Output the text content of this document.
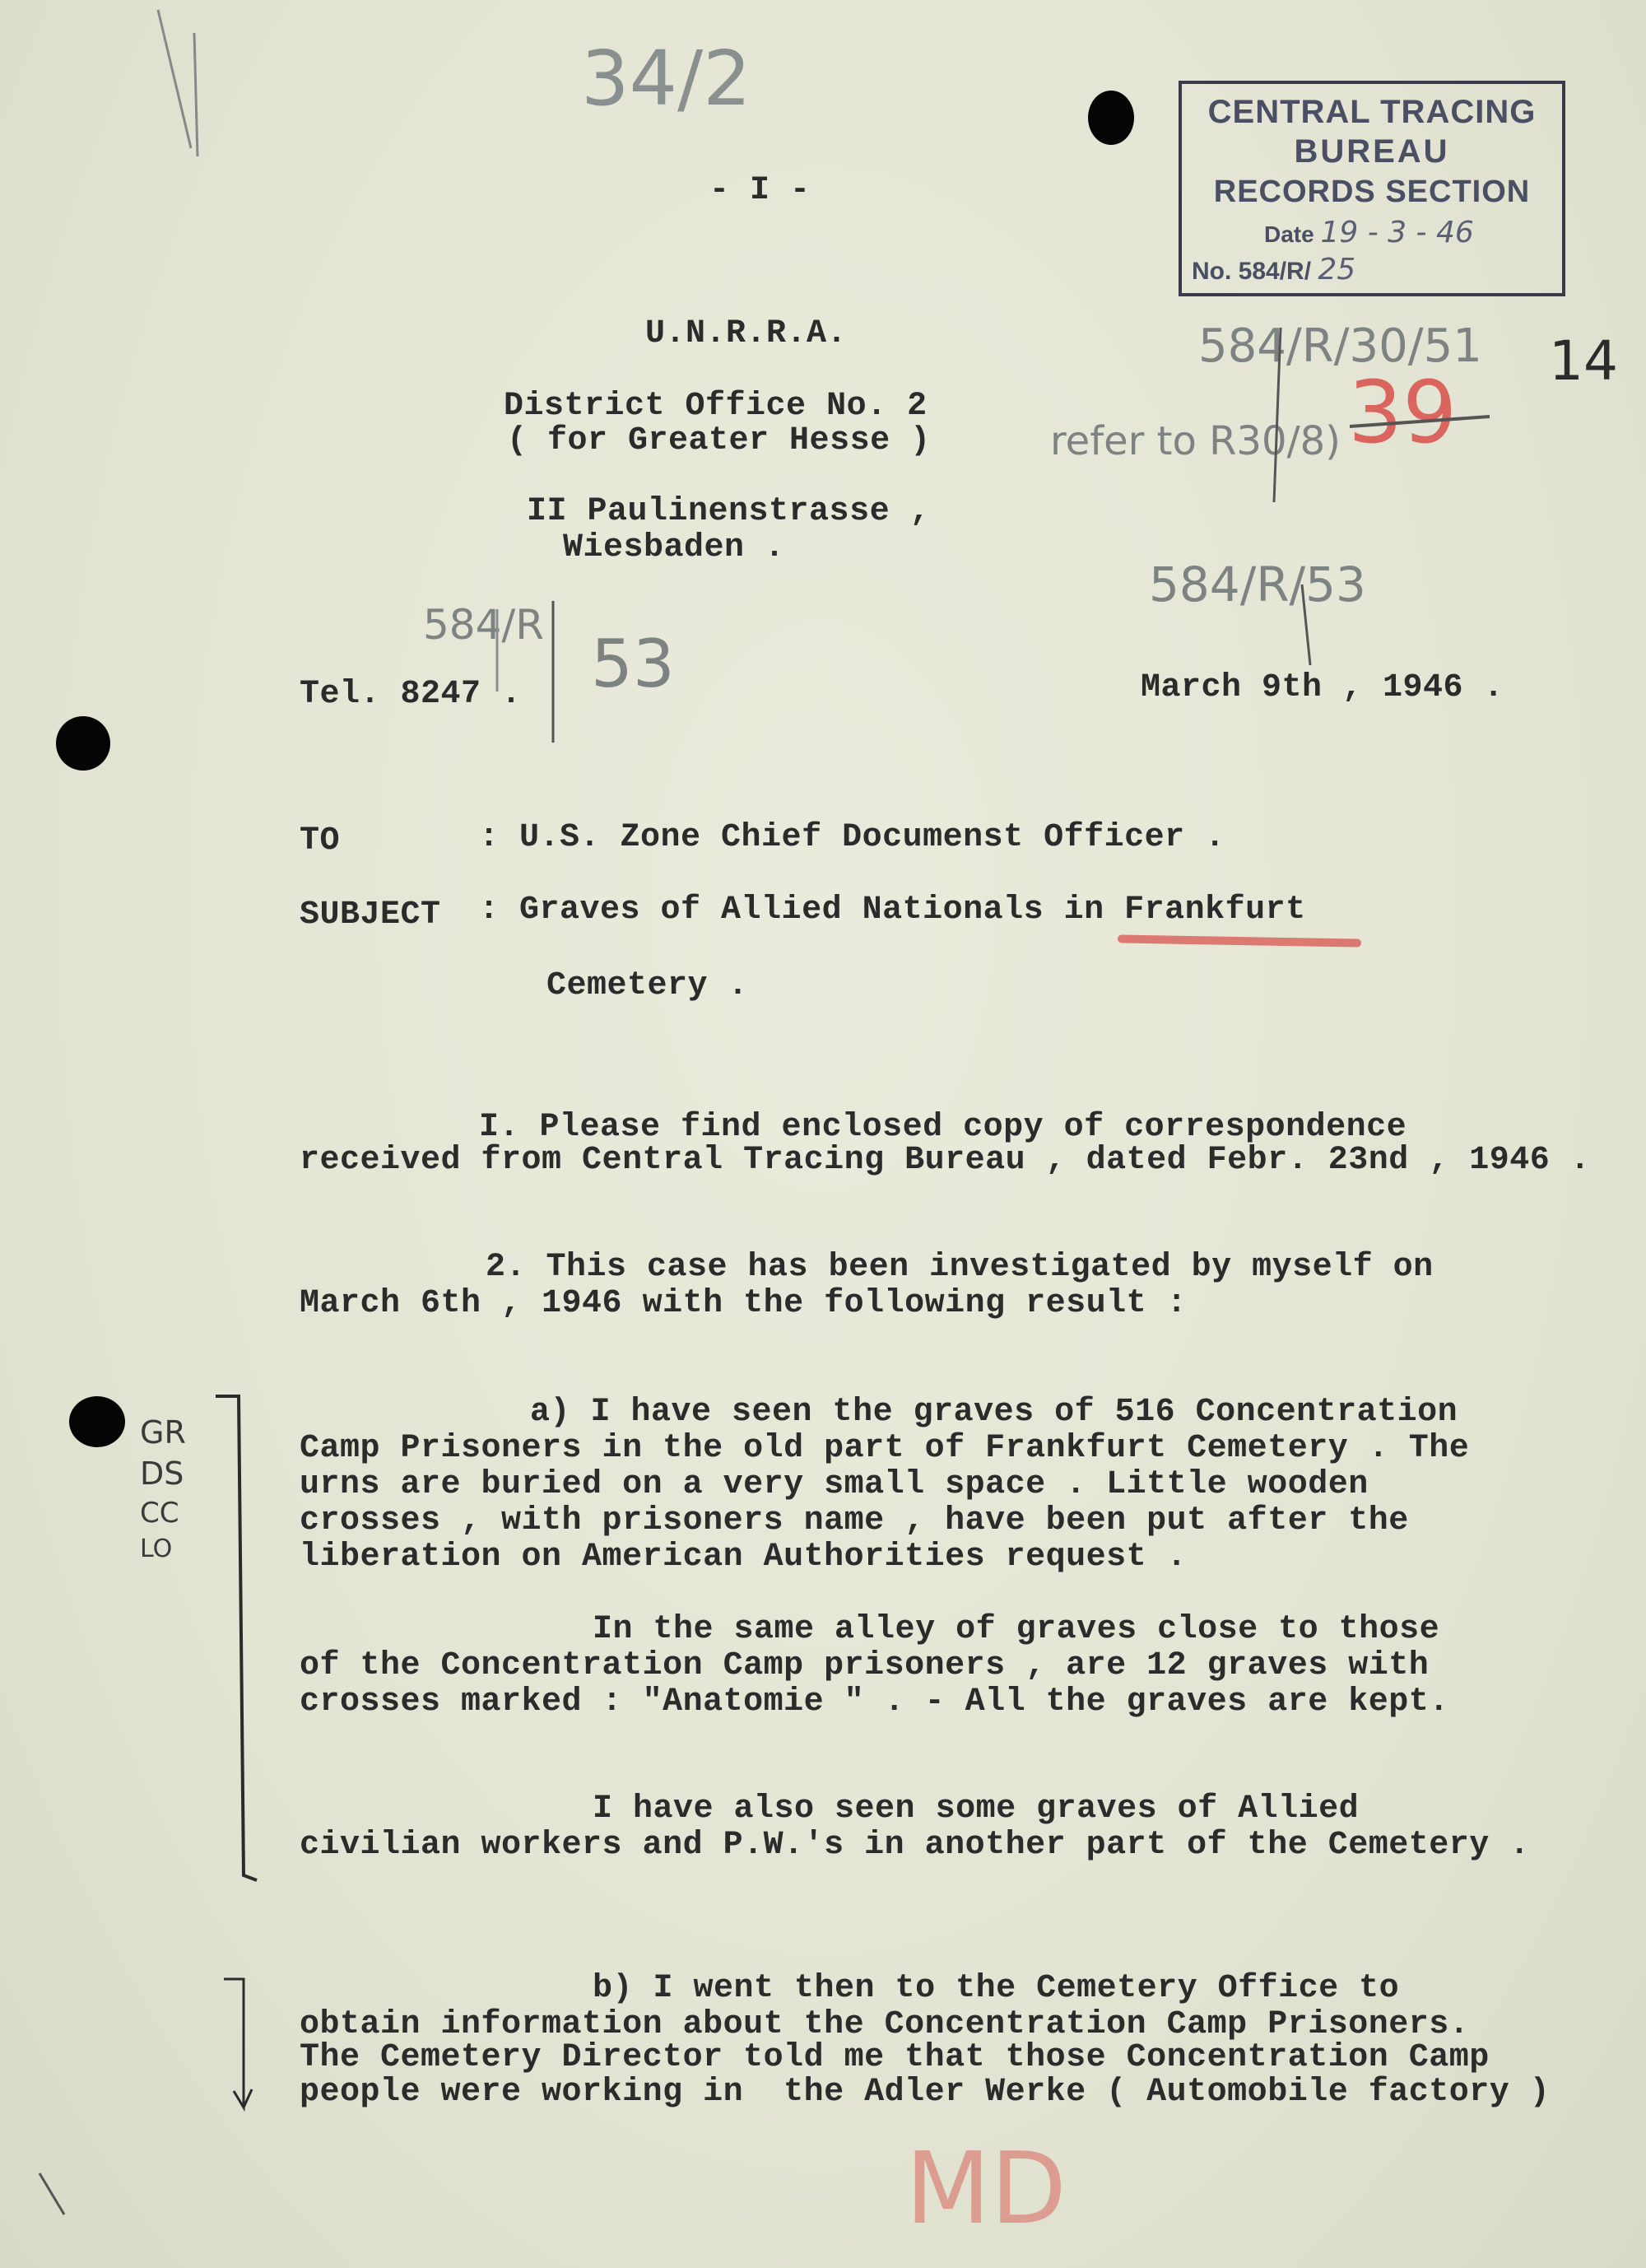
CENTRAL TRACING
BUREAU
RECORDS SECTION
Date 19 - 3 - 46
No. 584/R/ 25
34/2
584/R/30/51
refer to R30/8) 39
584/R/53
14
584/R
53
GR
DS
CC
LO
MD
- I -
U.N.R.R.A.
District Office No. 2
( for Greater Hesse )
II Paulinenstrasse ,
Wiesbaden .
Tel. 8247 .	March 9th , 1946 .
TO	: U.S. Zone Chief Documenst Officer .
SUBJECT : Graves of Allied Nationals in Frankfurt
Cemetery .
I. Please find enclosed copy of correspondence
received from Central Tracing Bureau , dated Febr. 23nd , 1946 .
2. This case has been investigated by myself on
March 6th , 1946 with the following result :
a) I have seen the graves of 516 Concentration
Camp Prisoners in the old part of Frankfurt Cemetery . The
urns are buried on a very small space . Little wooden
crosses , with prisoners name , have been put after the
liberation on American Authorities request .
In the same alley of graves close to those
of the Concentration Camp prisoners , are 12 graves with
crosses marked : "Anatomie " . - All the graves are kept.
I have also seen some graves of Allied
civilian workers and P.W.'s in another part of the Cemetery .
b) I went then to the Cemetery Office to
obtain information about the Concentration Camp Prisoners.
The Cemetery Director told me that those Concentration Camp
people were working in  the Adler Werke ( Automobile factory )
